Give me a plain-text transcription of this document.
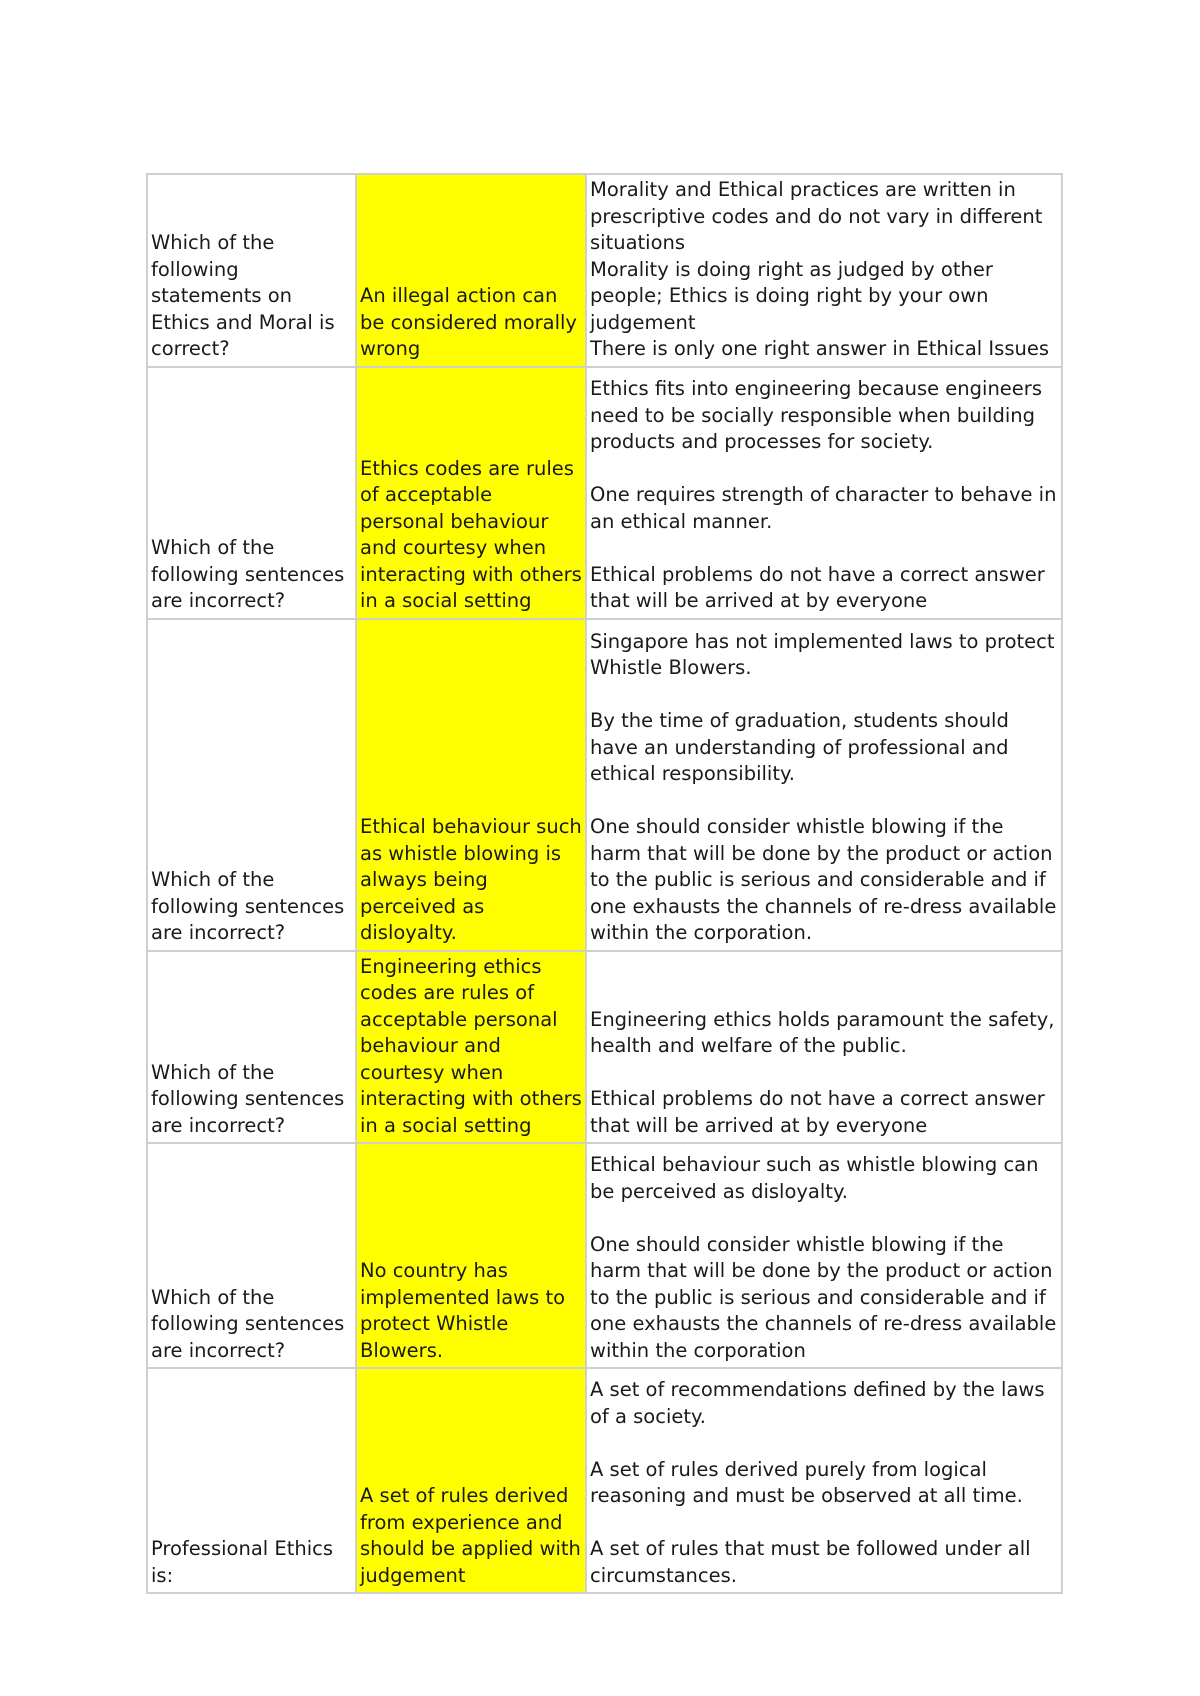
Which of the following statements on Ethics and Moral is correct?	An illegal action can be considered morally wrong	Morality and Ethical practices are written in prescriptive codes and do not vary in different situations
Morality is doing right as judged by other people; Ethics is doing right by your own judgement
There is only one right answer in Ethical Issues
Which of the following sentences are incorrect?	Ethics codes are rules of acceptable personal behaviour and courtesy when interacting with others in a social setting	Ethics fits into engineering because engineers need to be socially responsible when building products and processes for society.

One requires strength of character to behave in an ethical manner.

Ethical problems do not have a correct answer that will be arrived at by everyone
Which of the following sentences are incorrect?	Ethical behaviour such as whistle blowing is always being perceived as disloyalty.	Singapore has not implemented laws to protect Whistle Blowers.

By the time of graduation, students should have an understanding of professional and ethical responsibility.

One should consider whistle blowing if the harm that will be done by the product or action to the public is serious and considerable and if one exhausts the channels of re-dress available within the corporation.
Which of the following sentences are incorrect?	Engineering ethics codes are rules of acceptable personal behaviour and courtesy when interacting with others in a social setting	Engineering ethics holds paramount the safety, health and welfare of the public.

Ethical problems do not have a correct answer that will be arrived at by everyone
Which of the following sentences are incorrect?	No country has implemented laws to protect Whistle Blowers.	Ethical behaviour such as whistle blowing can be perceived as disloyalty.

One should consider whistle blowing if the harm that will be done by the product or action to the public is serious and considerable and if one exhausts the channels of re-dress available within the corporation
Professional Ethics is:	A set of rules derived from experience and should be applied with judgement	A set of recommendations defined by the laws of a society.

A set of rules derived purely from logical reasoning and must be observed at all time.

A set of rules that must be followed under all circumstances.
